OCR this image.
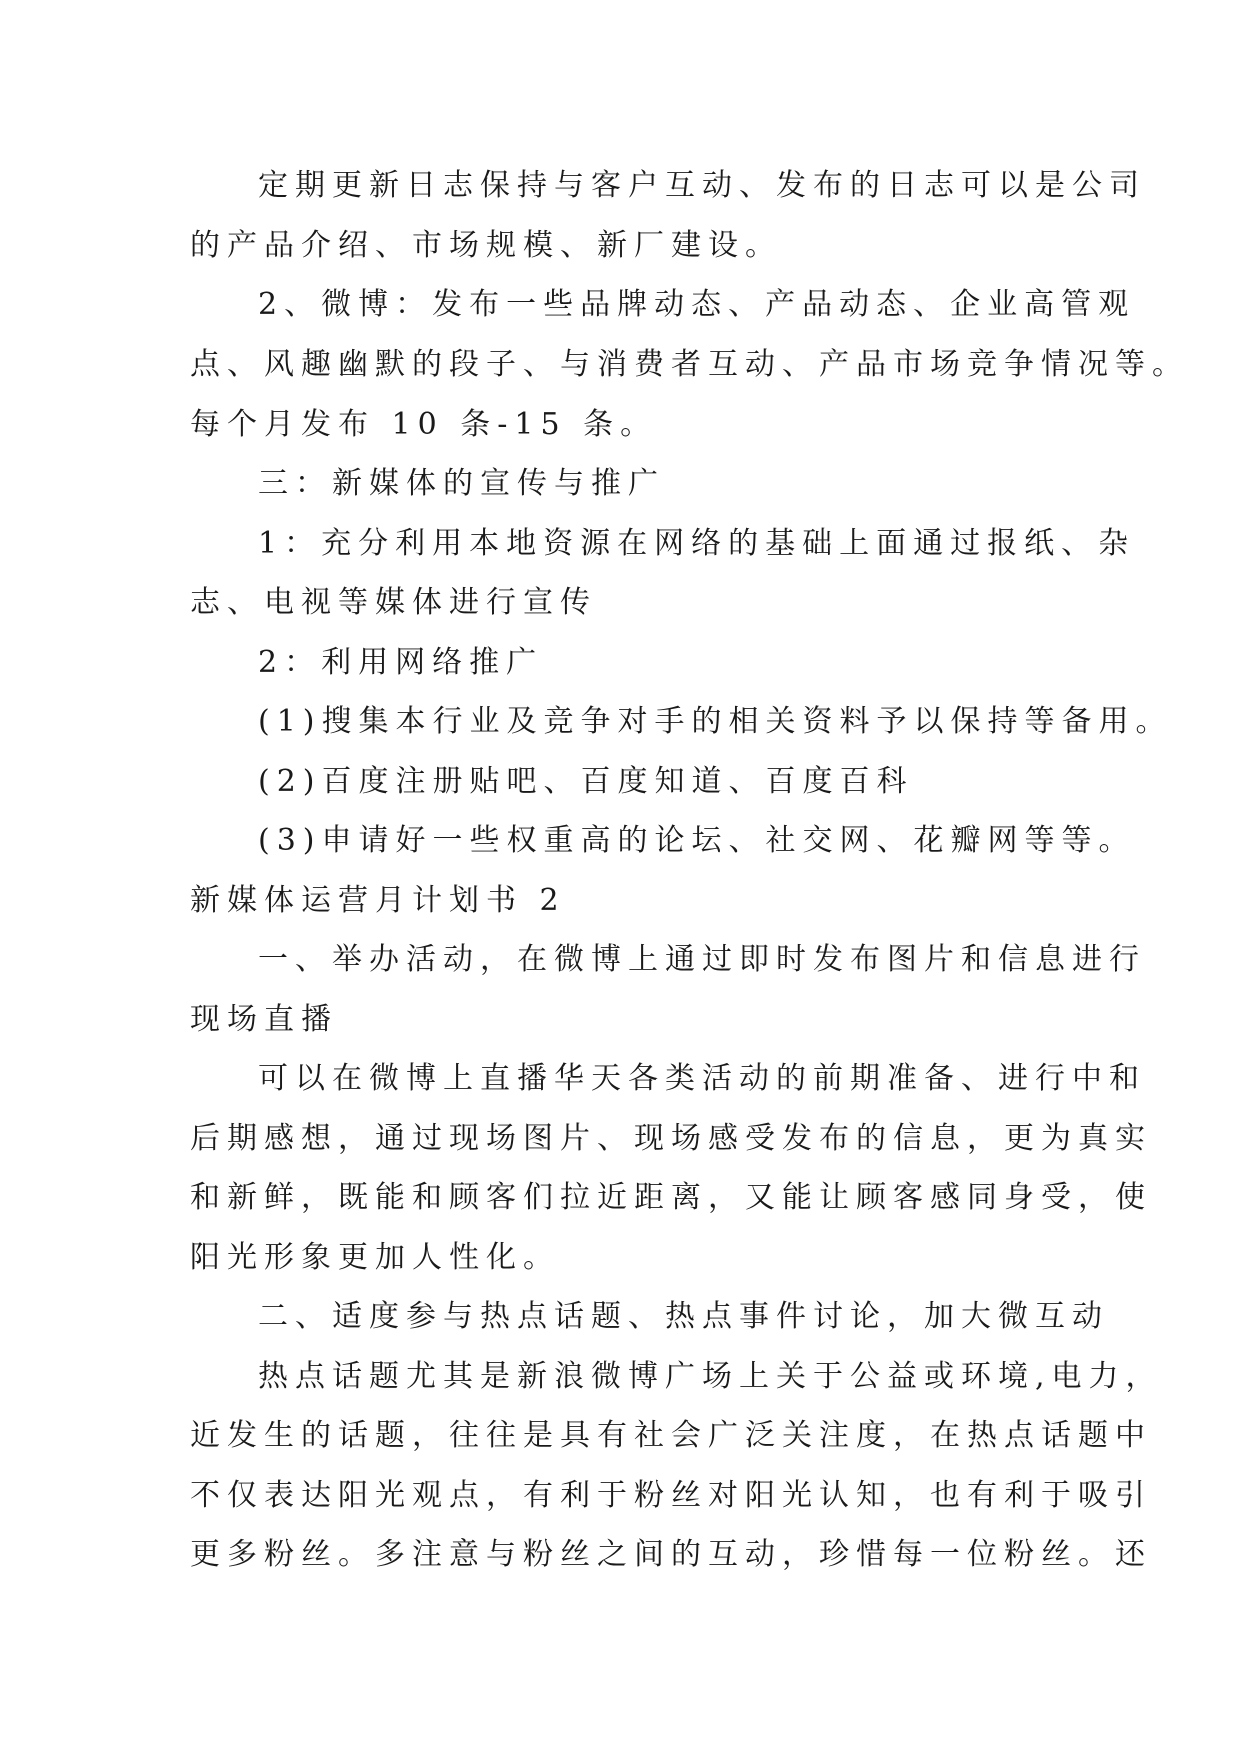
定期更新日志保持与客户互动、发布的日志可以是公司
的产品介绍、市场规模、新厂建设。
2、微博：发布一些品牌动态、产品动态、企业高管观
点、风趣幽默的段子、与消费者互动、产品市场竞争情况等。
每个月发布 10 条-15 条。
三：新媒体的宣传与推广
1：充分利用本地资源在网络的基础上面通过报纸、杂
志、电视等媒体进行宣传
2：利用网络推广
(1)搜集本行业及竞争对手的相关资料予以保持等备用。
(2)百度注册贴吧、百度知道、百度百科
(3)申请好一些权重高的论坛、社交网、花瓣网等等。
新媒体运营月计划书 2
一、举办活动，在微博上通过即时发布图片和信息进行
现场直播
可以在微博上直播华天各类活动的前期准备、进行中和
后期感想，通过现场图片、现场感受发布的信息，更为真实
和新鲜，既能和顾客们拉近距离，又能让顾客感同身受，使
阳光形象更加人性化。
二、适度参与热点话题、热点事件讨论，加大微互动
热点话题尤其是新浪微博广场上关于公益或环境,电力，
近发生的话题，往往是具有社会广泛关注度，在热点话题中
不仅表达阳光观点，有利于粉丝对阳光认知，也有利于吸引
更多粉丝。多注意与粉丝之间的互动，珍惜每一位粉丝。还
